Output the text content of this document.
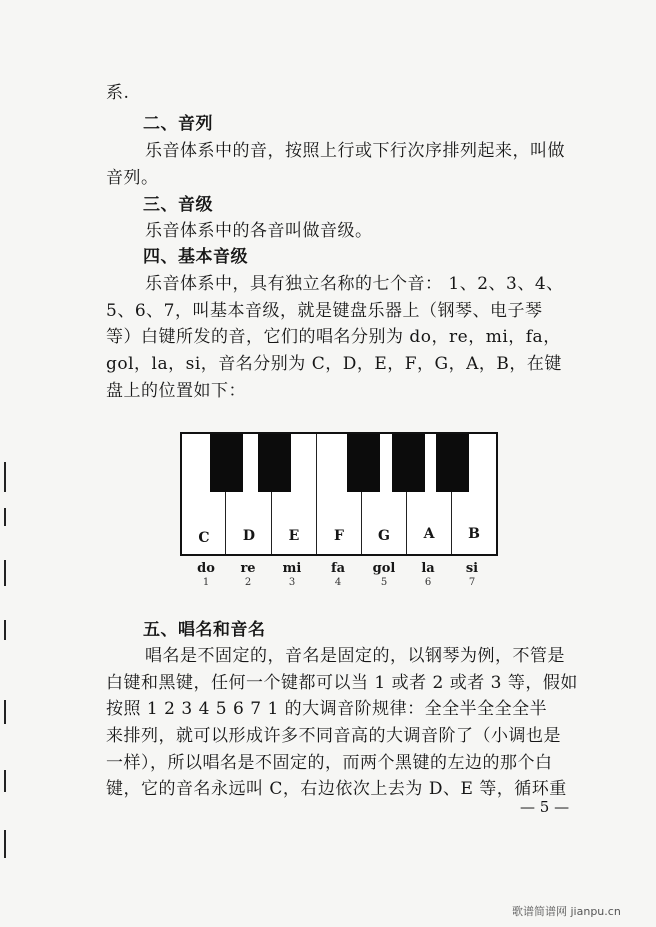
系.
二、音列
乐音体系中的音，按照上行或下行次序排列起来，叫做
音列。
三、音级
乐音体系中的各音叫做音级。
四、基本音级
乐音体系中，具有独立名称的七个音： 1、2、3、4、
5、6、7，叫基本音级，就是键盘乐器上（钢琴、电子琴
等）白键所发的音，它们的唱名分别为 do，re，mi，fa，
gol，la，si，音名分别为 C，D，E，F，G，A，B，在键
盘上的位置如下：
C	D	E	F	G	A	B
do	re	mi	fa	gol	la	si
1	2	3	4	5	6	7
五、唱名和音名
唱名是不固定的，音名是固定的，以钢琴为例，不管是
白键和黑键，任何一个键都可以当 1 或者 2 或者 3 等，假如
按照 1 2 3 4 5 6 7 1 的大调音阶规律：全全半全全全半
来排列，就可以形成许多不同音高的大调音阶了（小调也是
一样），所以唱名是不固定的，而两个黑键的左边的那个白
键，它的音名永远叫 C，右边依次上去为 D、E 等，循环重
— 5 —
歌谱简谱网 jianpu.cn
